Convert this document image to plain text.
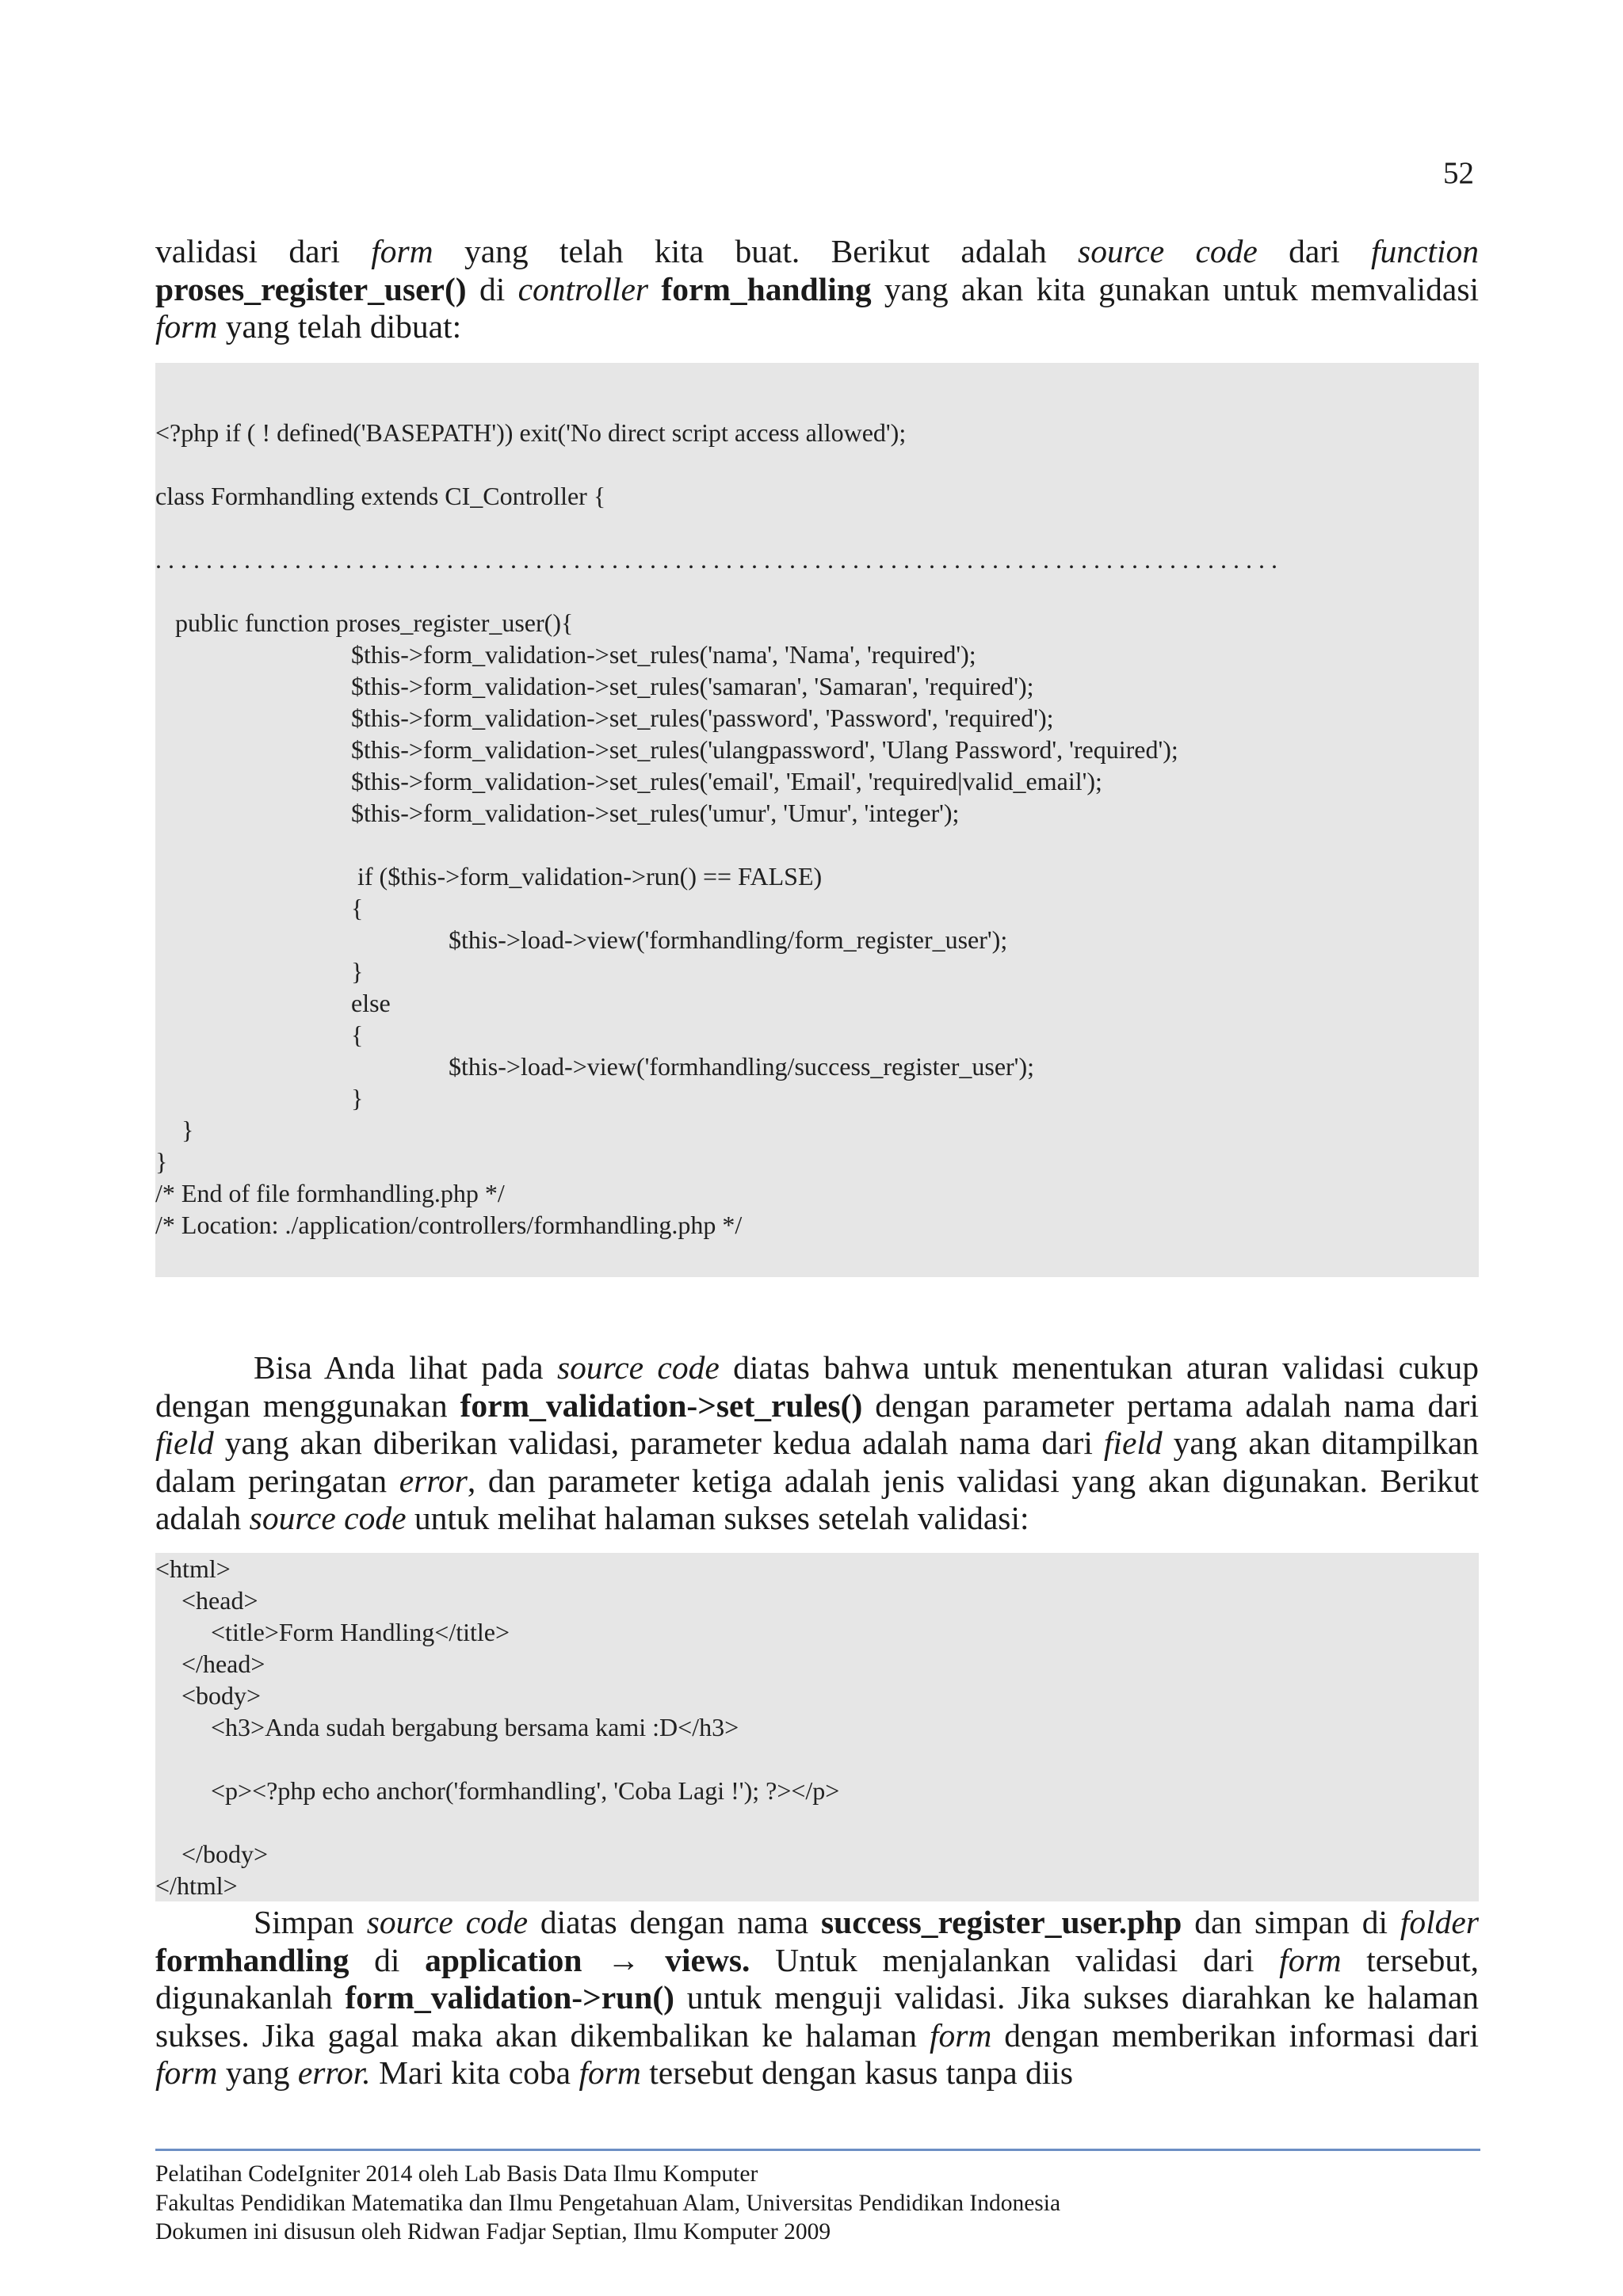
52
validasi dari form yang telah kita buat. Berikut adalah source code dari function
proses_register_user() di controller form_handling yang akan kita gunakan untuk memvalidasi
form yang telah dibuat:
<?php if ( ! defined('BASEPATH')) exit('No direct script access allowed');
class Formhandling extends CI_Controller {
. . . . . . . . . . . . . . . . . . . . . . . . . . . . . . . . . . . . . . . . . . . . . . . . . . . . . . . . . . . . . . . . . . . . . . . . . . . . . . . . . . . . . . . . .
public function proses_register_user(){
$this->form_validation->set_rules('nama', 'Nama', 'required');
$this->form_validation->set_rules('samaran', 'Samaran', 'required');
$this->form_validation->set_rules('password', 'Password', 'required');
$this->form_validation->set_rules('ulangpassword', 'Ulang Password', 'required');
$this->form_validation->set_rules('email', 'Email', 'required|valid_email');
$this->form_validation->set_rules('umur', 'Umur', 'integer');
if ($this->form_validation->run() == FALSE)
{
$this->load->view('formhandling/form_register_user');
}
else
{
$this->load->view('formhandling/success_register_user');
}
}
}
/* End of file formhandling.php */
/* Location: ./application/controllers/formhandling.php */
Bisa Anda lihat pada source code diatas bahwa untuk menentukan aturan validasi cukup
dengan menggunakan form_validation->set_rules() dengan parameter pertama adalah nama dari
field yang akan diberikan validasi, parameter kedua adalah nama dari field yang akan ditampilkan
dalam peringatan error, dan parameter ketiga adalah jenis validasi yang akan digunakan. Berikut
adalah source code untuk melihat halaman sukses setelah validasi:
<html>
<head>
<title>Form Handling</title>
</head>
<body>
<h3>Anda sudah bergabung bersama kami :D</h3>
<p><?php echo anchor('formhandling', 'Coba Lagi !'); ?></p>
</body>
</html>
Simpan source code diatas dengan nama success_register_user.php dan simpan di folder
formhandling di application → views. Untuk menjalankan validasi dari form tersebut,
digunakanlah form_validation->run() untuk menguji validasi. Jika sukses diarahkan ke halaman
sukses. Jika gagal maka akan dikembalikan ke halaman form dengan memberikan informasi dari
form yang error. Mari kita coba form tersebut dengan kasus tanpa diis
Pelatihan CodeIgniter 2014 oleh Lab Basis Data Ilmu Komputer
Fakultas Pendidikan Matematika dan Ilmu Pengetahuan Alam, Universitas Pendidikan Indonesia
Dokumen ini disusun oleh Ridwan Fadjar Septian, Ilmu Komputer 2009
